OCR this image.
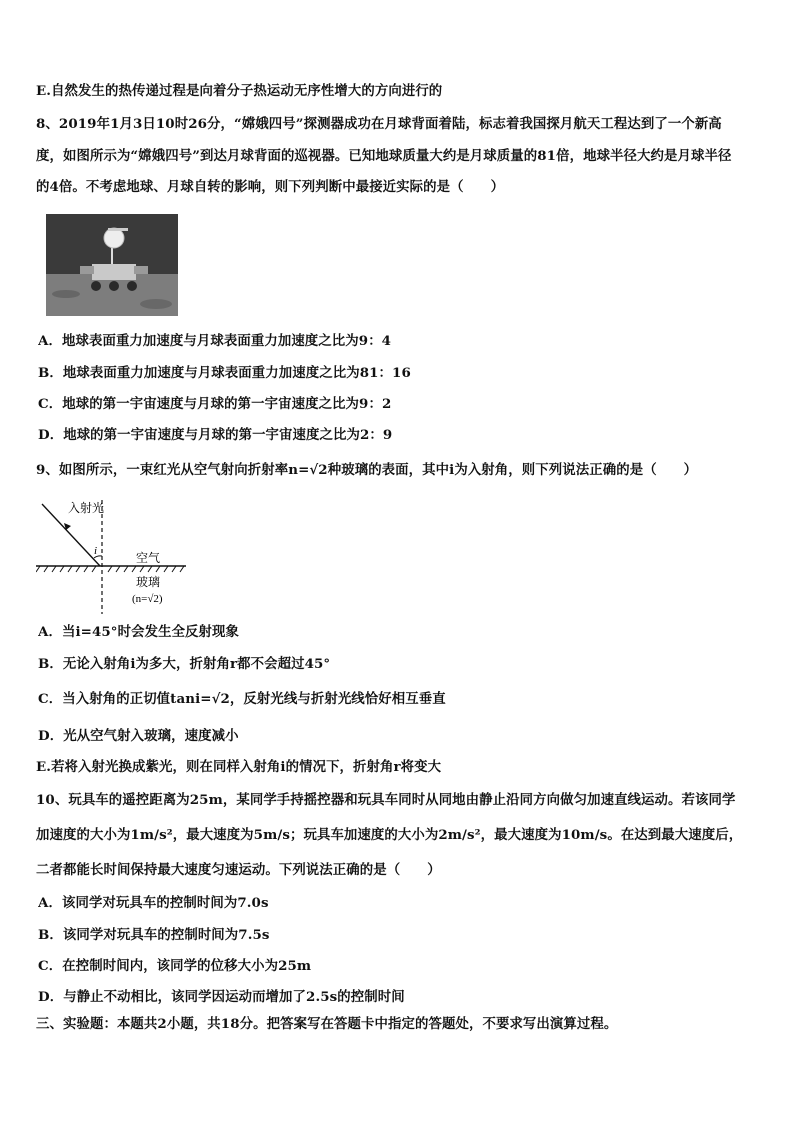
E.自然发生的热传递过程是向着分子热运动无序性增大的方向进行的
8、2019年1月3日10时26分，“嫦娥四号”探测器成功在月球背面着陆，标志着我国探月航天工程达到了一个新高
度，如图所示为“嫦娥四号”到达月球背面的巡视器。已知地球质量大约是月球质量的81倍，地球半径大约是月球半径
的4倍。不考虑地球、月球自转的影响，则下列判断中最接近实际的是（　　）
A．地球表面重力加速度与月球表面重力加速度之比为9：4
B．地球表面重力加速度与月球表面重力加速度之比为81：16
C．地球的第一宇宙速度与月球的第一宇宙速度之比为9：2
D．地球的第一宇宙速度与月球的第一宇宙速度之比为2：9
9、如图所示，一束红光从空气射向折射率n=√2种玻璃的表面，其中i为入射角，则下列说法正确的是（　　）
i
入射光
空气
玻璃
(n=√2)
A．当i=45°时会发生全反射现象
B．无论入射角i为多大，折射角r都不会超过45°
C．当入射角的正切值tani=√2，反射光线与折射光线恰好相互垂直
D．光从空气射入玻璃，速度减小
E.若将入射光换成紫光，则在同样入射角i的情况下，折射角r将变大
10、玩具车的遥控距离为25m，某同学手持摇控器和玩具车同时从同地由静止沿同方向做匀加速直线运动。若该同学
加速度的大小为1m/s²，最大速度为5m/s；玩具车加速度的大小为2m/s²，最大速度为10m/s。在达到最大速度后，
二者都能长时间保持最大速度匀速运动。下列说法正确的是（　　）
A．该同学对玩具车的控制时间为7.0s
B．该同学对玩具车的控制时间为7.5s
C．在控制时间内，该同学的位移大小为25m
D．与静止不动相比，该同学因运动而增加了2.5s的控制时间
三、实验题：本题共2小题，共18分。把答案写在答题卡中指定的答题处，不要求写出演算过程。
